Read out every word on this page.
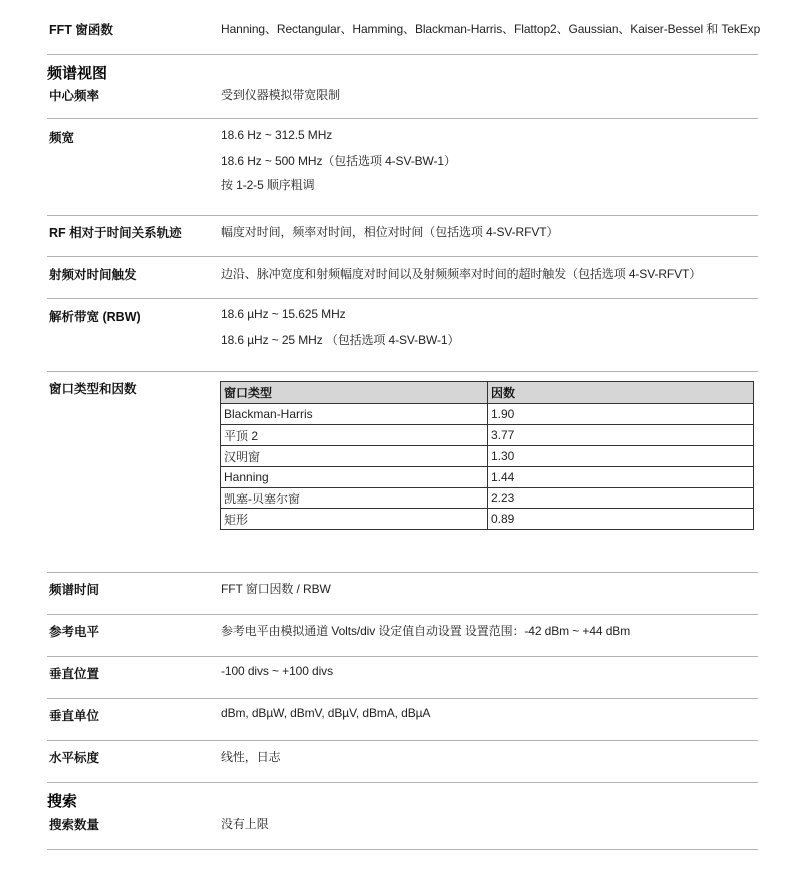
FFT 窗函数	Hanning、Rectangular、Hamming、Blackman-Harris、Flattop2、Gaussian、Kaiser-Bessel 和 TekExp
频谱视图
中心频率	受到仪器模拟带宽限制
频宽	18.6 Hz ~ 312.5 MHz
18.6 Hz ~ 500 MHz（包括选项 4-SV-BW-1）
按 1-2-5 顺序粗调
RF 相对于时间关系轨迹	幅度对时间，频率对时间，相位对时间（包括选项 4-SV-RFVT）
射频对时间触发	边沿、脉冲宽度和射频幅度对时间以及射频频率对时间的超时触发（包括选项 4-SV-RFVT）
解析带宽 (RBW)	18.6 µHz ~ 15.625 MHz
18.6 µHz ~ 25 MHz （包括选项 4-SV-BW-1）
窗口类型和因数	窗口类型	因数
Blackman-Harris	1.90
平顶 2	3.77
汉明窗	1.30
Hanning	1.44
凯塞-贝塞尔窗	2.23
矩形	0.89
频谱时间	FFT 窗口因数 / RBW
参考电平	参考电平由模拟通道 Volts/div 设定值自动设置 设置范围：-42 dBm ~ +44 dBm
垂直位置	-100 divs ~ +100 divs
垂直单位	dBm, dBµW, dBmV, dBµV, dBmA, dBµA
水平标度	线性，日志
搜索
搜索数量	没有上限
